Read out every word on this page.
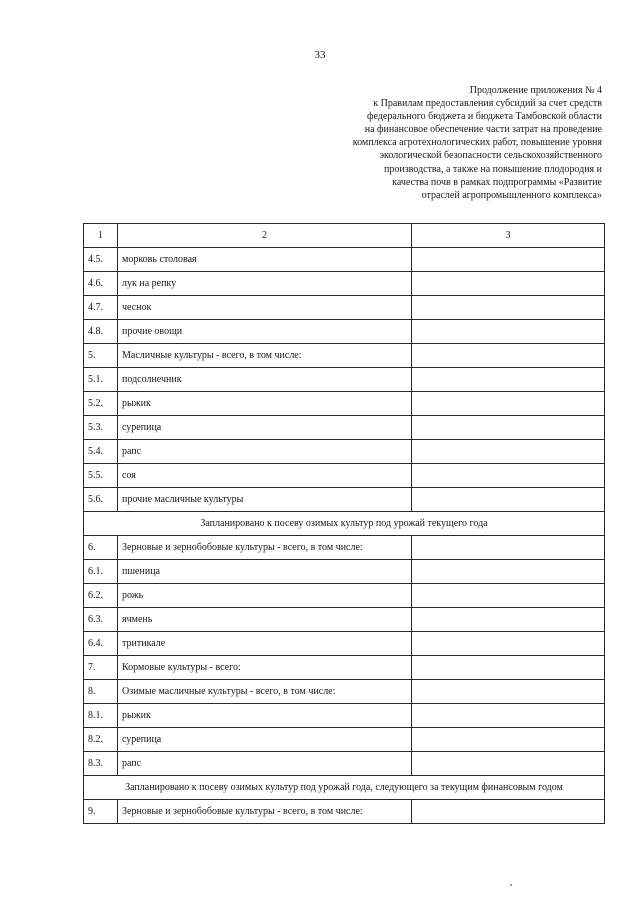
33
Продолжение приложения № 4
к Правилам предоставления субсидий за счет средств
федерального бюджета и бюджета Тамбовской области
на финансовое обеспечение части затрат на проведение
комплекса агротехнологических работ, повышение уровня
экологической безопасности сельскохозяйственного
производства, а также на повышение плодородия и
качества почв в рамках подпрограммы «Развитие
отраслей агропромышленного комплекса»
1	2	3
4.5.	морковь столовая	
4.6.	лук на репку	
4.7.	чеснок	
4.8.	прочие овощи	
5.	Масличные культуры - всего, в том числе:	
5.1.	подсолнечник	
5.2.	рыжик	
5.3.	сурепица	
5.4.	рапс	
5.5.	соя	
5.6.	прочие масличные культуры	
Запланировано к посеву озимых культур под урожай текущего года		
6.	Зерновые и зернобобовые культуры - всего, в том числе:	
6.1.	пшеница	
6.2.	рожь	
6.3.	ячмень	
6.4.	тритикале	
7.	Кормовые культуры - всего:	
8.	Озимые масличные культуры - всего, в том числе:	
8.1.	рыжик	
8.2.	сурепица	
8.3.	рапс	
Запланировано к посеву озимых культур под урожай года, следующего за текущим финансовым годом		
9.	Зерновые и зернобобовые культуры - всего, в том числе:	
